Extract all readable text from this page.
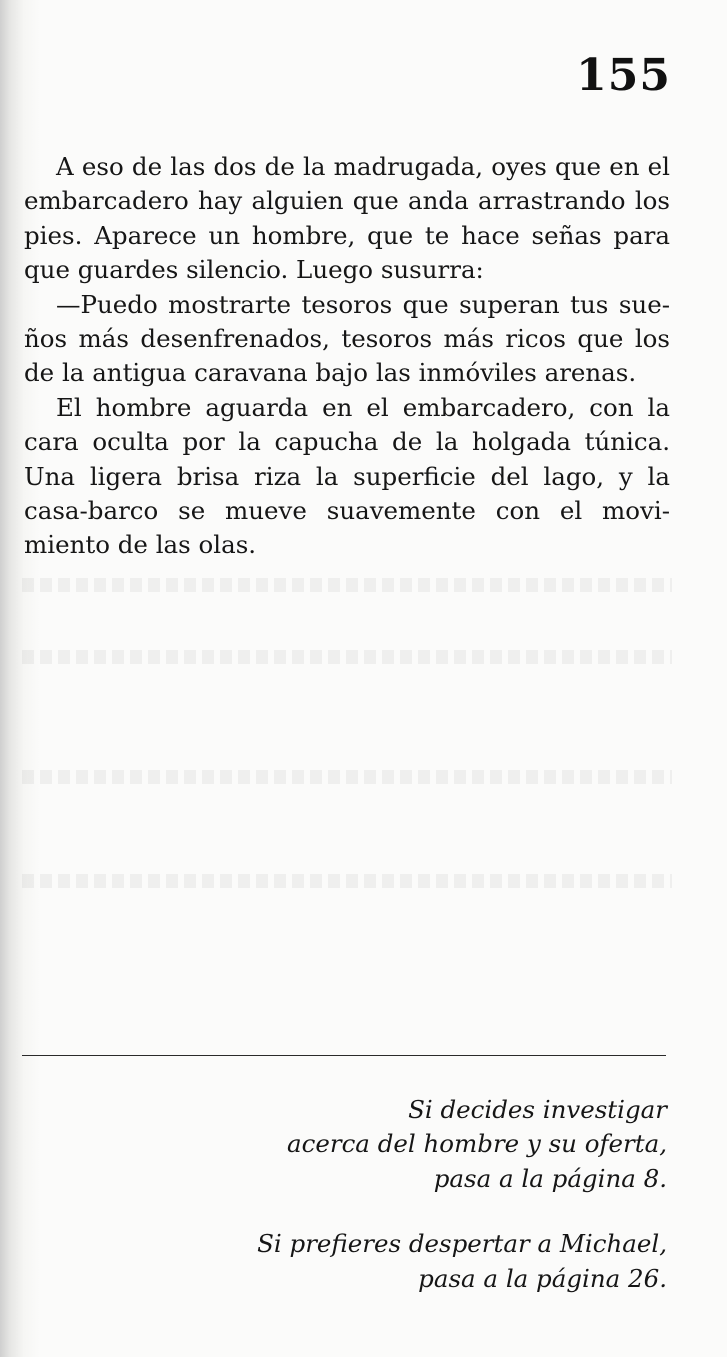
155

A eso de las dos de la madrugada, oyes que en el embarcadero hay alguien que anda arrastrando los pies. Aparece un hombre, que te hace señas para que guardes silencio. Luego susurra:

—Puedo mostrarte tesoros que superan tus sueños más desenfrenados, tesoros más ricos que los de la antigua caravana bajo las inmóviles arenas.

El hombre aguarda en el embarcadero, con la cara oculta por la capucha de la holgada túnica. Una ligera brisa riza la superficie del lago, y la casa-barco se mueve suavemente con el movimiento de las olas.

Si decides investigar
acerca del hombre y su oferta,
pasa a la página 8.

Si prefieres despertar a Michael,
pasa a la página 26.
